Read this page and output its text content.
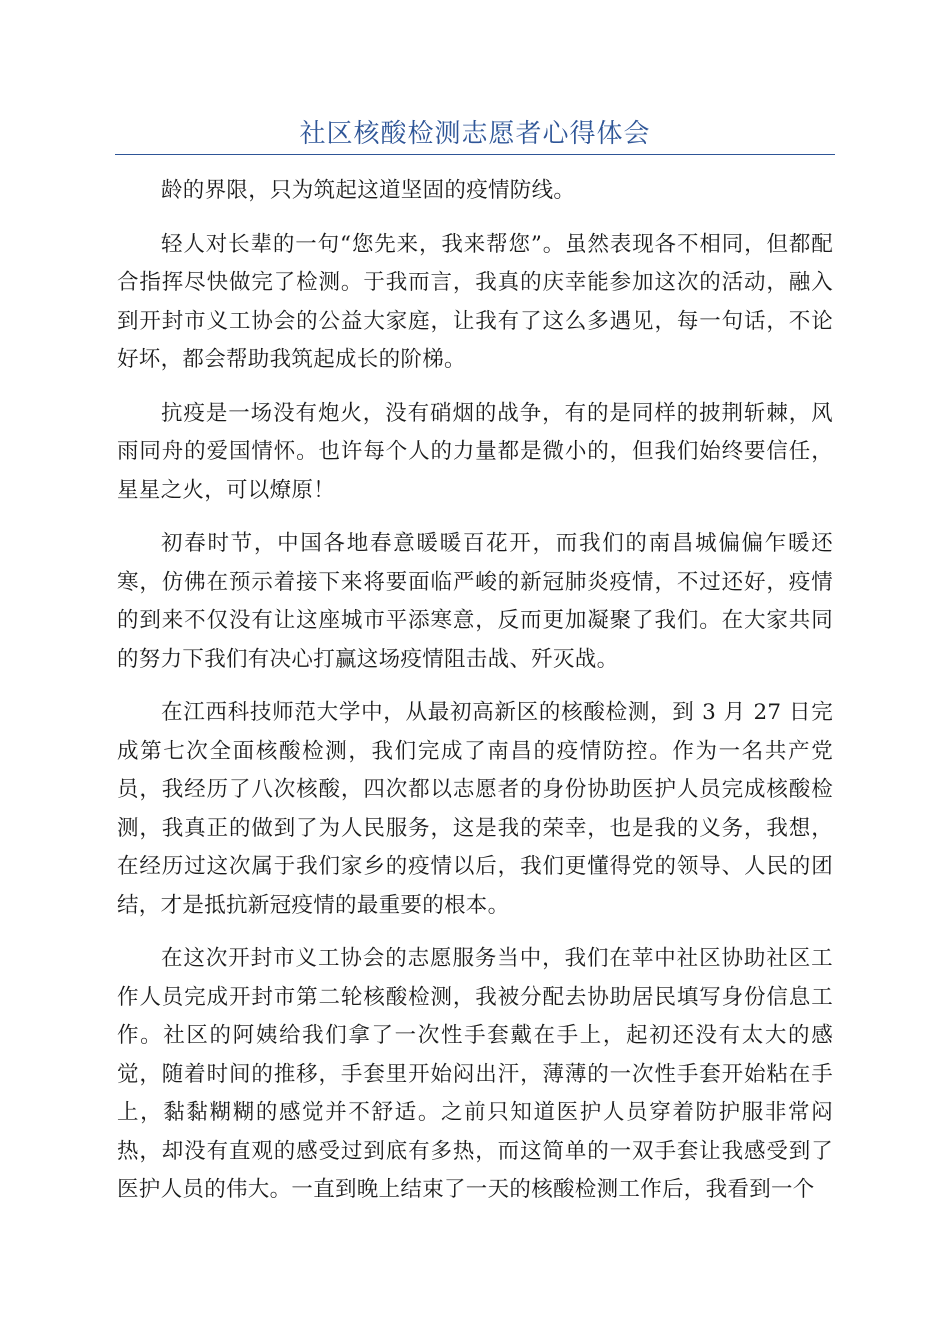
社区核酸检测志愿者心得体会

龄的界限，只为筑起这道坚固的疫情防线。

轻人对长辈的一句“您先来，我来帮您”。虽然表现各不相同，但都配合指挥尽快做完了检测。于我而言，我真的庆幸能参加这次的活动，融入到开封市义工协会的公益大家庭，让我有了这么多遇见，每一句话，不论好坏，都会帮助我筑起成长的阶梯。

抗疫是一场没有炮火，没有硝烟的战争，有的是同样的披荆斩棘，风雨同舟的爱国情怀。也许每个人的力量都是微小的，但我们始终要信任，星星之火，可以燎原！

初春时节，中国各地春意暖暖百花开，而我们的南昌城偏偏乍暖还寒，仿佛在预示着接下来将要面临严峻的新冠肺炎疫情，不过还好，疫情的到来不仅没有让这座城市平添寒意，反而更加凝聚了我们。在大家共同的努力下我们有决心打赢这场疫情阻击战、歼灭战。

在江西科技师范大学中，从最初高新区的核酸检测，到 3 月 27 日完成第七次全面核酸检测，我们完成了南昌的疫情防控。作为一名共产党员，我经历了八次核酸，四次都以志愿者的身份协助医护人员完成核酸检测，我真正的做到了为人民服务，这是我的荣幸，也是我的义务，我想，在经历过这次属于我们家乡的疫情以后，我们更懂得党的领导、人民的团结，才是抵抗新冠疫情的最重要的根本。

在这次开封市义工协会的志愿服务当中，我们在苹中社区协助社区工作人员完成开封市第二轮核酸检测，我被分配去协助居民填写身份信息工作。社区的阿姨给我们拿了一次性手套戴在手上，起初还没有太大的感觉，随着时间的推移，手套里开始闷出汗，薄薄的一次性手套开始粘在手上，黏黏糊糊的感觉并不舒适。之前只知道医护人员穿着防护服非常闷热，却没有直观的感受过到底有多热，而这简单的一双手套让我感受到了医护人员的伟大。一直到晚上结束了一天的核酸检测工作后，我看到一个
